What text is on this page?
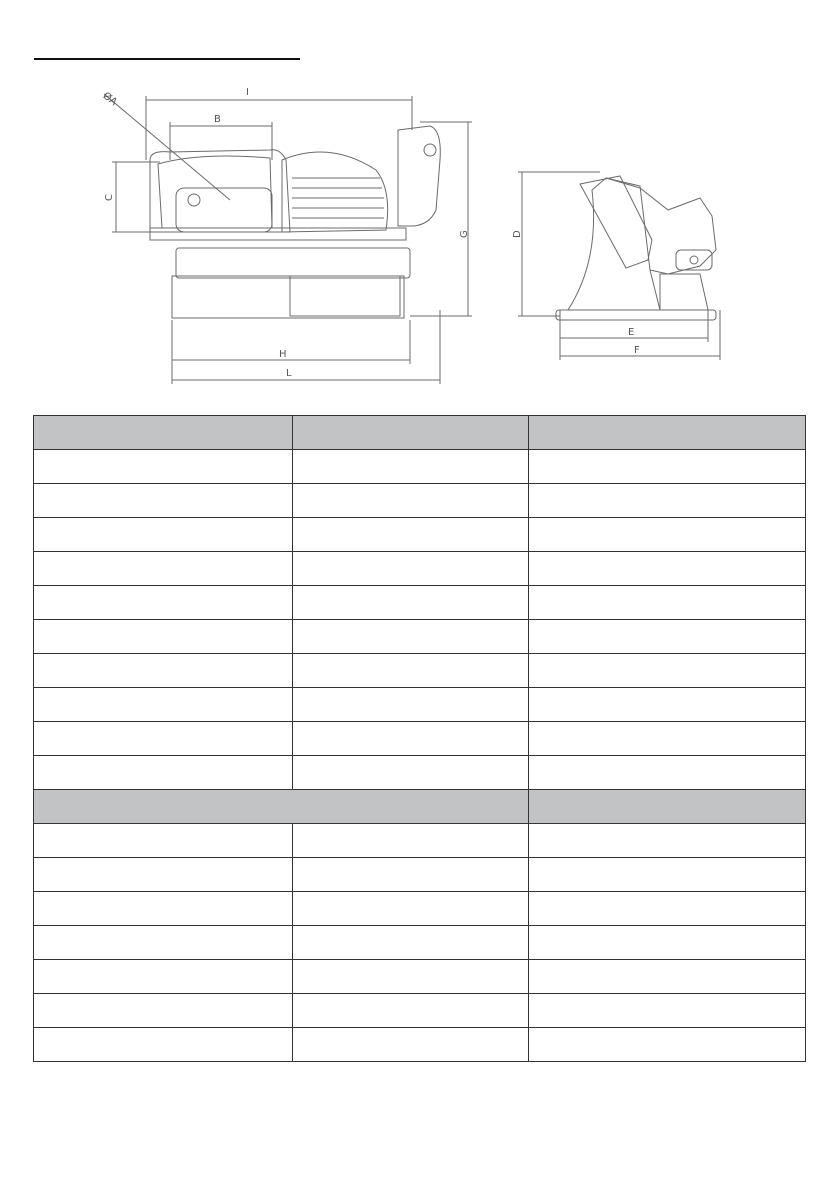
I
B
ØA
C
G
H
L
D
E
F
